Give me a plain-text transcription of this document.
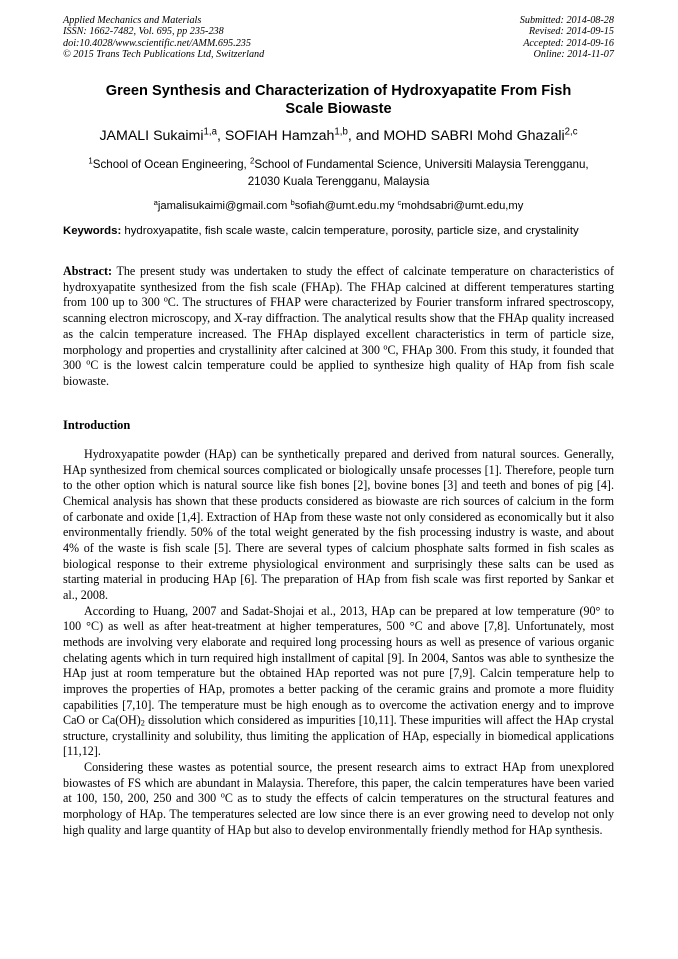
Applied Mechanics and Materials
ISSN: 1662-7482, Vol. 695, pp 235-238
doi:10.4028/www.scientific.net/AMM.695.235
© 2015 Trans Tech Publications Ltd, Switzerland
Submitted: 2014-08-28
Revised: 2014-09-15
Accepted: 2014-09-16
Online: 2014-11-07
Green Synthesis and Characterization of Hydroxyapatite From Fish
Scale Biowaste
JAMALI Sukaimi$^{1,a}$, SOFIAH Hamzah$^{1,b}$, and MOHD SABRI Mohd Ghazali$^{2,c}$
$^1$School of Ocean Engineering, $^2$School of Fundamental Science, Universiti Malaysia Terengganu,
21030 Kuala Terengganu, Malaysia
$^a$jamalisukaimi@gmail.com $^b$sofiah@umt.edu.my $^c$mohdsabri@umt.edu,my
Keywords: hydroxyapatite, fish scale waste, calcin temperature, porosity, particle size, and crystalinity
Abstract: The present study was undertaken to study the effect of calcinate temperature on characteristics of hydroxyapatite synthesized from the fish scale (FHAp). The FHAp calcined at different temperatures starting from 100 up to 300 $^o$C. The structures of FHAP were characterized by Fourier transform infrared spectroscopy, scanning electron microscopy, and X-ray diffraction. The analytical results show that the FHAp quality increased as the calcin temperature increased. The FHAp displayed excellent characteristics in term of particle size, morphology and properties and crystallinity after calcined at 300 $^o$C, FHAp 300. From this study, it founded that 300 $^o$C is the lowest calcin temperature could be applied to synthesize high quality of HAp from fish scale biowaste.
Introduction

Hydroxyapatite powder (HAp) can be synthetically prepared and derived from natural sources. Generally, HAp synthesized from chemical sources complicated or biologically unsafe processes [1]. Therefore, people turn to the other option which is natural source like fish bones [2], bovine bones [3] and teeth and bones of pig [4]. Chemical analysis has shown that these products considered as biowaste are rich sources of calcium in the form of carbonate and oxide [1,4]. Extraction of HAp from these waste not only considered as economically but it also environmentally friendly. 50% of the total weight generated by the fish processing industry is waste, and about 4% of the waste is fish scale [5]. There are several types of calcium phosphate salts formed in fish scales as biological response to their extreme physiological environment and surprisingly these salts can be used as starting material in producing HAp [6]. The preparation of HAp from fish scale was first reported by Sankar et al., 2008.

According to Huang, 2007 and Sadat-Shojai et al., 2013, HAp can be prepared at low temperature (90° to 100 °C) as well as after heat-treatment at higher temperatures, 500 °C and above [7,8]. Unfortunately, most methods are involving very elaborate and required long processing hours as well as presence of various organic chelating agents which in turn required high installment of capital [9]. In 2004, Santos was able to synthesize the HAp just at room temperature but the obtained HAp reported was not pure [7,9]. Calcin temperature help to improves the properties of HAp, promotes a better packing of the ceramic grains and promote a more fluidity capabilities [7,10]. The temperature must be high enough as to overcome the activation energy and to improve CaO or $Ca(OH)_2$ dissolution which considered as impurities [10,11]. These impurities will affect the HAp crystal structure, crystallinity and solubility, thus limiting the application of HAp, especially in biomedical applications [11,12].

Considering these wastes as potential source, the present research aims to extract HAp from unexplored biowastes of FS which are abundant in Malaysia. Therefore, this paper, the calcin temperatures have been varied at 100, 150, 200, 250 and 300 $^o$C as to study the effects of calcin temperatures on the structural features and morphology of HAp. The temperatures selected are low since there is an ever growing need to develop not only high quality and large quantity of HAp but also to develop environmentally friendly method for HAp synthesis.
